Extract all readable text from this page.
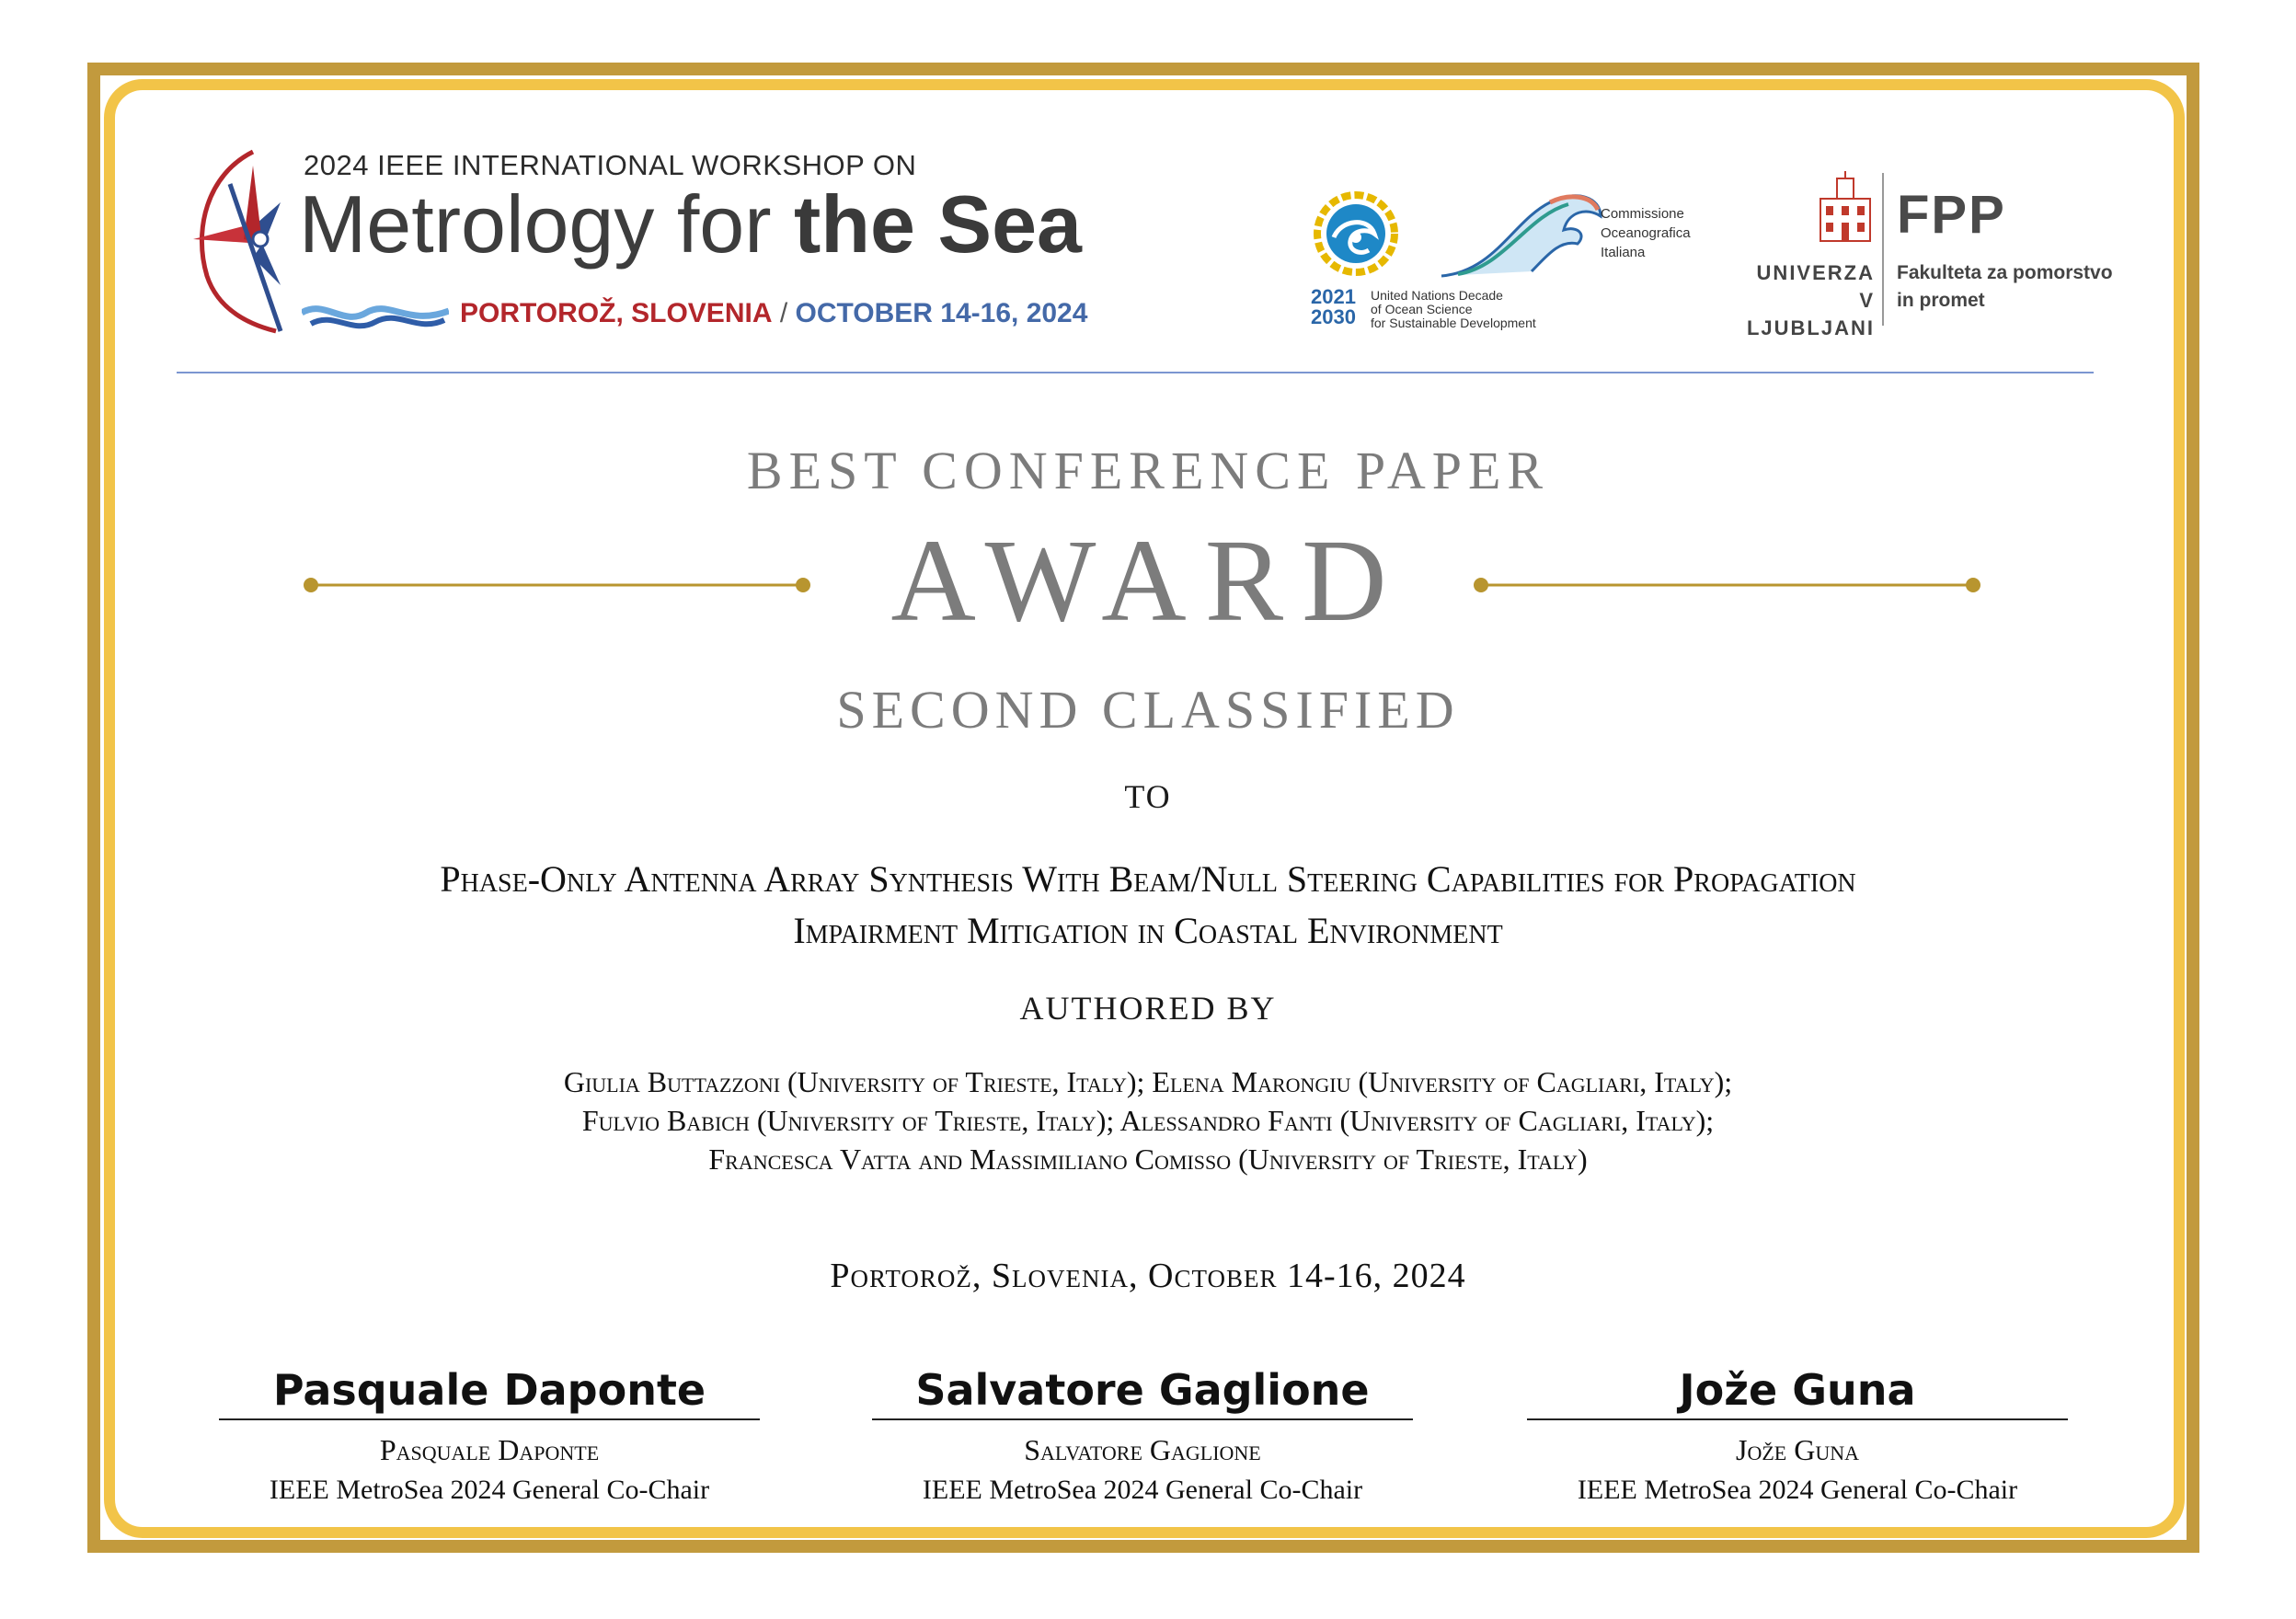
2024 IEEE INTERNATIONAL WORKSHOP ON
Metrology for the Sea
PORTOROŽ, SLOVENIA / OCTOBER 14-16, 2024
2021
2030
United Nations Decade
of Ocean Science
for Sustainable Development
Commissione
Oceanografica
Italiana
UNIVERZA
V LJUBLJANI
FPP
Fakulteta za pomorstvo
in promet
BEST CONFERENCE PAPER
AWARD
SECOND CLASSIFIED
TO
Phase-Only Antenna Array Synthesis With Beam/Null Steering Capabilities for Propagation
Impairment Mitigation in Coastal Environment
AUTHORED BY
Giulia Buttazzoni (University of Trieste, Italy); Elena Marongiu (University of Cagliari, Italy);
Fulvio Babich (University of Trieste, Italy); Alessandro Fanti (University of Cagliari, Italy);
Francesca Vatta and Massimiliano Comisso (University of Trieste, Italy)
Portorož, Slovenia, October 14-16, 2024
Pasquale Daponte
Pasquale Daponte
IEEE MetroSea 2024 General Co-Chair
Salvatore Gaglione
Salvatore Gaglione
IEEE MetroSea 2024 General Co-Chair
Jože Guna
Jože Guna
IEEE MetroSea 2024 General Co-Chair
